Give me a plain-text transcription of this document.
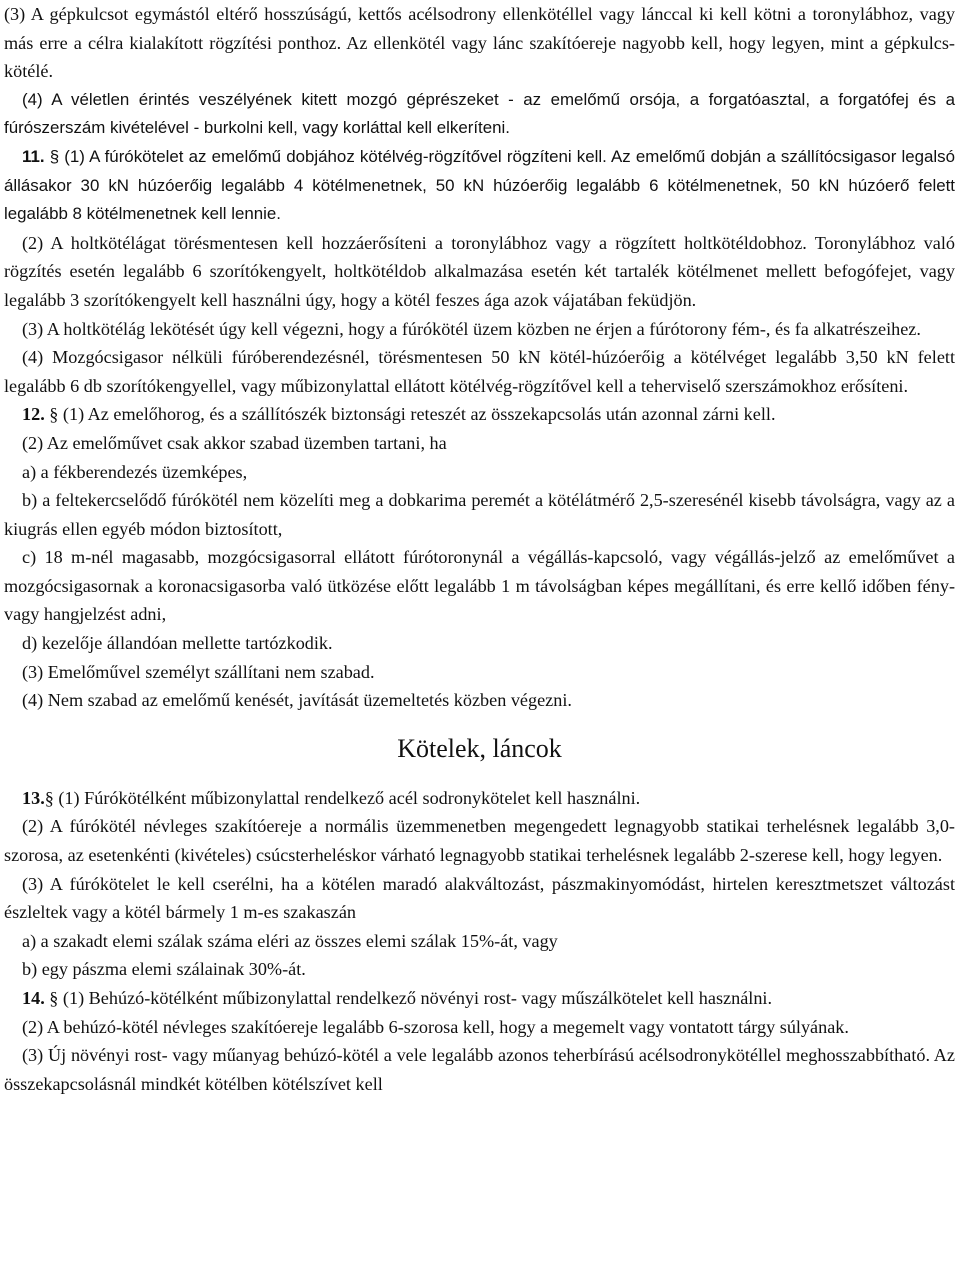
(3) A gépkulcsot egymástól eltérő hosszúságú, kettős acélsodrony ellenkötéllel vagy lánccal ki kell kötni a toronylábhoz, vagy más erre a célra kialakított rögzítési ponthoz. Az ellenkötél vagy lánc szakítóereje nagyobb kell, hogy legyen, mint a gépkulcs-kötélé.

(4) A véletlen érintés veszélyének kitett mozgó géprészeket - az emelőmű orsója, a forgatóasztal, a forgatófej és a fúrószerszám kivételével - burkolni kell, vagy korláttal kell elkeríteni.

11. § (1) A fúrókötelet az emelőmű dobjához kötélvég-rögzítővel rögzíteni kell. Az emelőmű dobján a szállítócsigasor legalsó állásakor 30 kN húzóerőig legalább 4 kötélmenetnek, 50 kN húzóerőig legalább 6 kötélmenetnek, 50 kN húzóerő felett legalább 8 kötélmenetnek kell lennie.

(2) A holtkötélágat törésmentesen kell hozzáerősíteni a toronylábhoz vagy a rögzített holtkötéldobhoz. Toronylábhoz való rögzítés esetén legalább 6 szorítókengyelt, holtkötéldob alkalmazása esetén két tartalék kötélmenet mellett befogófejet, vagy legalább 3 szorítókengyelt kell használni úgy, hogy a kötél feszes ága azok vájatában feküdjön.

(3) A holtkötélág lekötését úgy kell végezni, hogy a fúrókötél üzem közben ne érjen a fúrótorony fém-, és fa alkatrészeihez.

(4) Mozgócsigasor nélküli fúróberendezésnél, törésmentesen 50 kN kötél-húzóerőig a kötélvéget legalább 3,50 kN felett legalább 6 db szorítókengyellel, vagy műbizonylattal ellátott kötélvég-rögzítővel kell a teherviselő szerszámokhoz erősíteni.

12. § (1) Az emelőhorog, és a szállítószék biztonsági reteszét az összekapcsolás után azonnal zárni kell.

(2) Az emelőművet csak akkor szabad üzemben tartani, ha

a) a fékberendezés üzemképes,

b) a feltekercselődő fúrókötél nem közelíti meg a dobkarima peremét a kötélátmérő 2,5-szeresénél kisebb távolságra, vagy az a kiugrás ellen egyéb módon biztosított,

c) 18 m-nél magasabb, mozgócsigasorral ellátott fúrótoronynál a végállás-kapcsoló, vagy végállás-jelző az emelőművet a mozgócsigasornak a koronacsigasorba való ütközése előtt legalább 1 m távolságban képes megállítani, és erre kellő időben fény- vagy hangjelzést adni,

d) kezelője állandóan mellette tartózkodik.

(3) Emelőművel személyt szállítani nem szabad.

(4) Nem szabad az emelőmű kenését, javítását üzemeltetés közben végezni.

Kötelek, láncok

13.§ (1) Fúrókötélként műbizonylattal rendelkező acél sodronykötelet kell használni.

(2) A fúrókötél névleges szakítóereje a normális üzemmenetben megengedett legnagyobb statikai terhelésnek legalább 3,0-szorosa, az esetenkénti (kivételes) csúcsterheléskor várható legnagyobb statikai terhelésnek legalább 2-szerese kell, hogy legyen.

(3) A fúrókötelet le kell cserélni, ha a kötélen maradó alakváltozást, pászmakinyomódást, hirtelen keresztmetszet változást észleltek vagy a kötél bármely 1 m-es szakaszán

a) a szakadt elemi szálak száma eléri az összes elemi szálak 15%-át, vagy

b) egy pászma elemi szálainak 30%-át.

14. § (1) Behúzó-kötélként műbizonylattal rendelkező növényi rost- vagy műszálkötelet kell használni.

(2) A behúzó-kötél névleges szakítóereje legalább 6-szorosa kell, hogy a megemelt vagy vontatott tárgy súlyának.

(3) Új növényi rost- vagy műanyag behúzó-kötél a vele legalább azonos teherbírású acélsodronykötéllel meghosszabbítható. Az összekapcsolásnál mindkét kötélben kötélszívet kell
